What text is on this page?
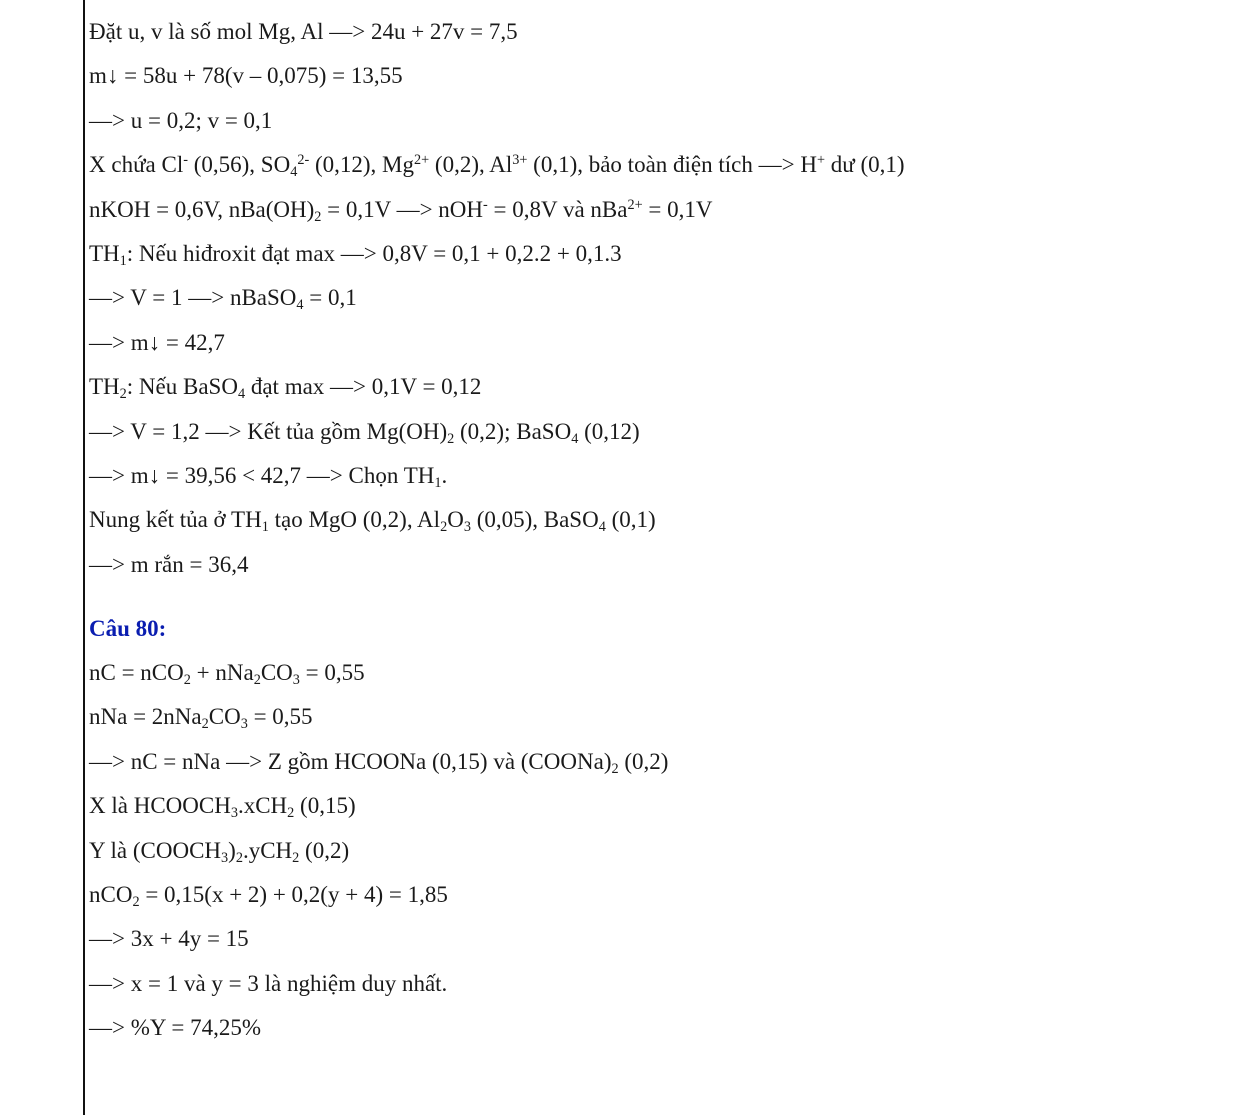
Đặt u, v là số mol Mg, Al —> 24u + 27v = 7,5
m↓ = 58u + 78(v – 0,075) = 13,55
—> u = 0,2; v = 0,1
X chứa Cl- (0,56), $SO_4^{2-}$ (0,12), $Mg^{2+}$ (0,2), $Al^{3+}$ (0,1), bảo toàn điện tích —> H+ dư (0,1)
nKOH = 0,6V, $nBa(OH)_2 = 0,1V$ —> nOH- = 0,8V và nBa$^{2+}$ = 0,1V
$TH_1$: Nếu hiđroxit đạt max —> 0,8V = 0,1 + 0,2.2 + 0,1.3
—> V = 1 —> nBaSO$_4$ = 0,1
—> m↓ = 42,7
$TH_2$: Nếu BaSO$_4$ đạt max —> 0,1V = 0,12
—> V = 1,2 —> Kết tủa gồm $Mg(OH)_2$ (0,2); BaSO$_4$ (0,12)
—> m↓ = 39,56 < 42,7 —> Chọn $TH_1$.
Nung kết tủa ở $TH_1$ tạo MgO (0,2), $Al_2O_3$ (0,05), BaSO$_4$ (0,1)
—> m rắn = 36,4
Câu 80:
nC = $nCO_2 + nNa_2CO_3 = 0,55$
nNa = $2nNa_2CO_3 = 0,55$
—> nC = nNa —> Z gồm HCOONa (0,15) và $(COONa)_2$ (0,2)
X là $HCOOCH_3.xCH_2$ (0,15)
Y là $(COOCH_3)_2.yCH_2$ (0,2)
nCO$_2$ = 0,15(x + 2) + 0,2(y + 4) = 1,85
—> 3x + 4y = 15
—> x = 1 và y = 3 là nghiệm duy nhất.
—> %Y = 74,25%
